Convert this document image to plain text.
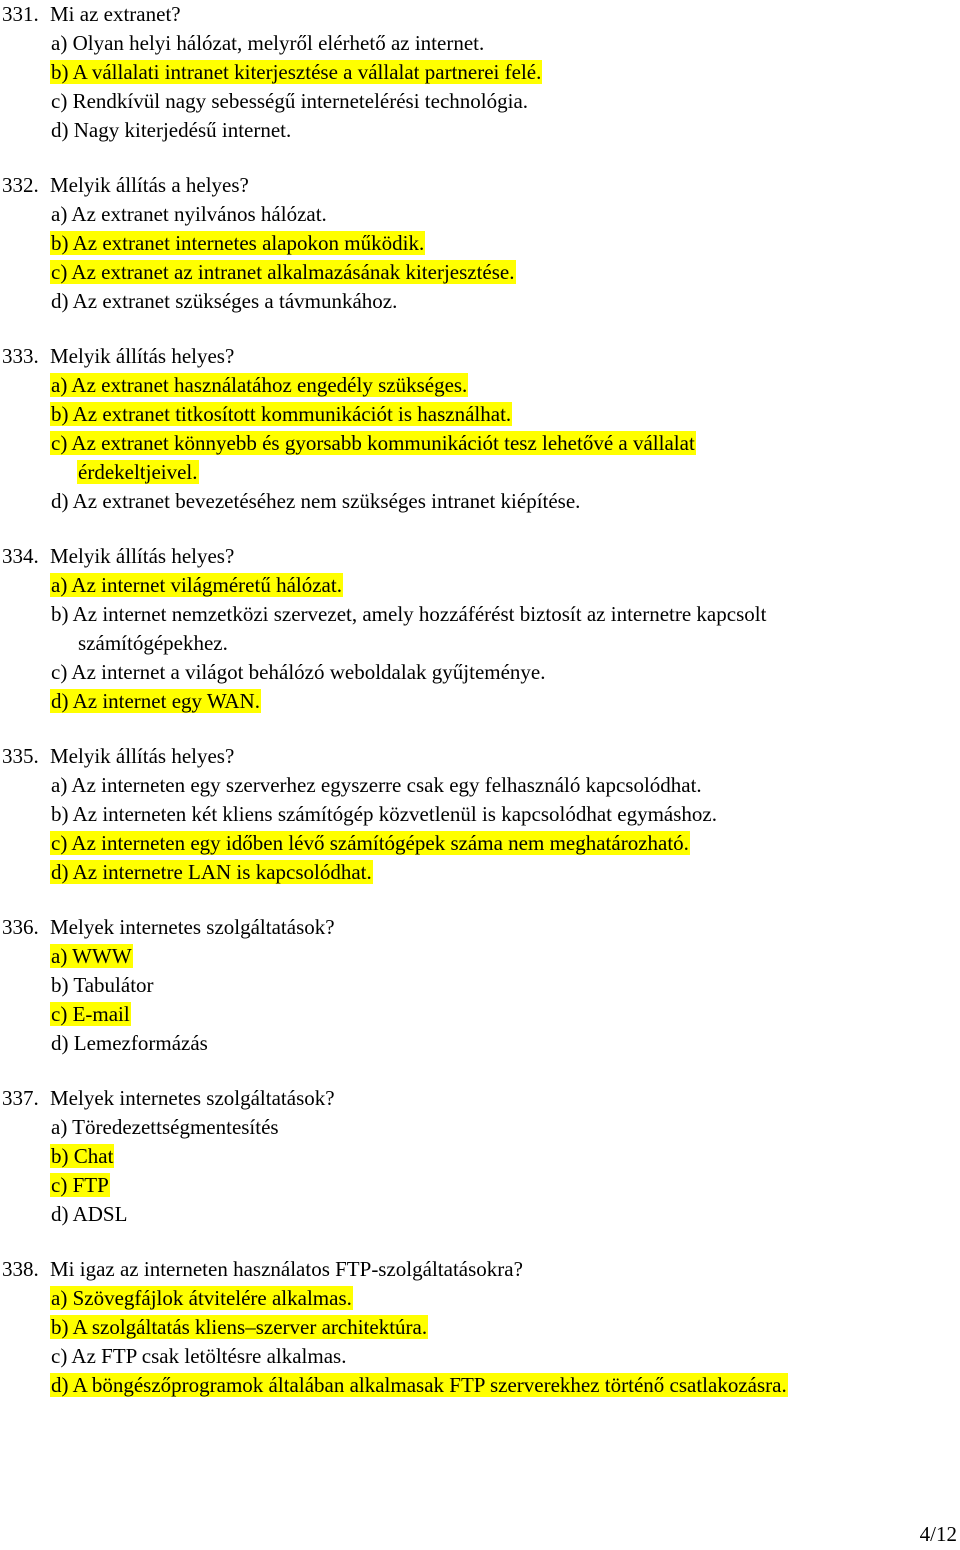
331. Mi az extranet?
a) Olyan helyi hálózat, melyről elérhető az internet.
b) A vállalati intranet kiterjesztése a vállalat partnerei felé.
c) Rendkívül nagy sebességű internetelérési technológia.
d) Nagy kiterjedésű internet.
332. Melyik állítás a helyes?
a) Az extranet nyilvános hálózat.
b) Az extranet internetes alapokon működik.
c) Az extranet az intranet alkalmazásának kiterjesztése.
d) Az extranet szükséges a távmunkához.
333. Melyik állítás helyes?
a) Az extranet használatához engedély szükséges.
b) Az extranet titkosított kommunikációt is használhat.
c) Az extranet könnyebb és gyorsabb kommunikációt tesz lehetővé a vállalat
érdekeltjeivel.
d) Az extranet bevezetéséhez nem szükséges intranet kiépítése.
334. Melyik állítás helyes?
a) Az internet világméretű hálózat.
b) Az internet nemzetközi szervezet, amely hozzáférést biztosít az internetre kapcsolt
számítógépekhez.
c) Az internet a világot behálózó weboldalak gyűjteménye.
d) Az internet egy WAN.
335. Melyik állítás helyes?
a) Az interneten egy szerverhez egyszerre csak egy felhasználó kapcsolódhat.
b) Az interneten két kliens számítógép közvetlenül is kapcsolódhat egymáshoz.
c) Az interneten egy időben lévő számítógépek száma nem meghatározható.
d) Az internetre LAN is kapcsolódhat.
336. Melyek internetes szolgáltatások?
a) WWW
b) Tabulátor
c) E-mail
d) Lemezformázás
337. Melyek internetes szolgáltatások?
a) Töredezettségmentesítés
b) Chat
c) FTP
d) ADSL
338. Mi igaz az interneten használatos FTP-szolgáltatásokra?
a) Szövegfájlok átvitelére alkalmas.
b) A szolgáltatás kliens–szerver architektúra.
c) Az FTP csak letöltésre alkalmas.
d) A böngészőprogramok általában alkalmasak FTP szerverekhez történő csatlakozásra.
4/12
